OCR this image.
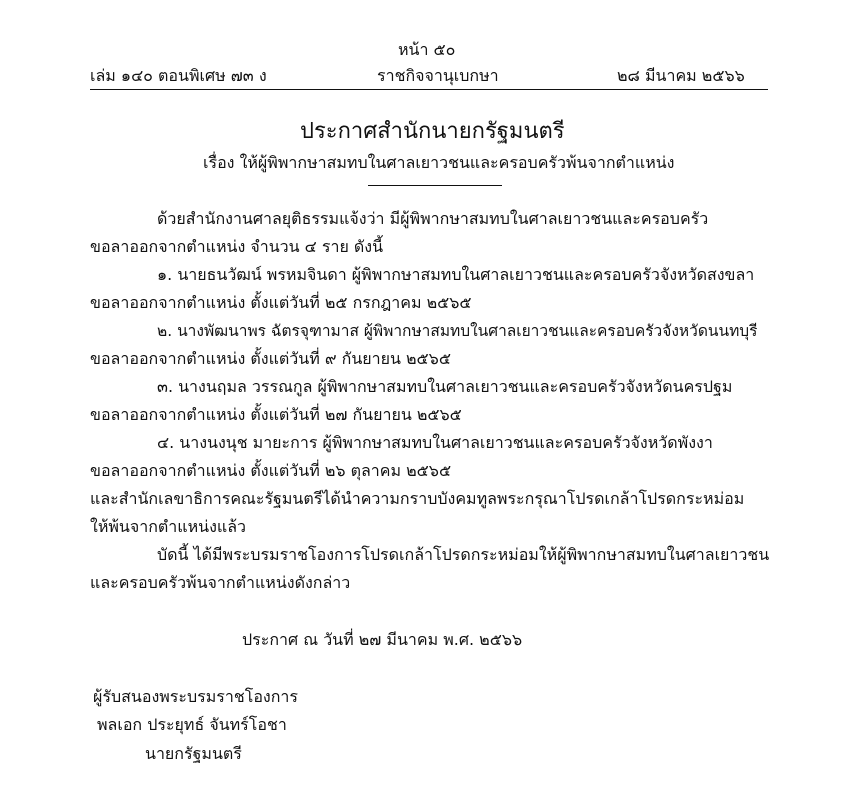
หน้า ๕๐
เล่ม ๑๔๐ ตอนพิเศษ ๗๓ ง	ราชกิจจานุเบกษา	๒๘ มีนาคม ๒๕๖๖
ประกาศสำนักนายกรัฐมนตรี
เรื่อง ให้ผู้พิพากษาสมทบในศาลเยาวชนและครอบครัวพ้นจากตำแหน่ง
ด้วยสำนักงานศาลยุติธรรมแจ้งว่า มีผู้พิพากษาสมทบในศาลเยาวชนและครอบครัว
ขอลาออกจากตำแหน่ง จำนวน ๔ ราย ดังนี้
๑. นายธนวัฒน์ พรหมจินดา ผู้พิพากษาสมทบในศาลเยาวชนและครอบครัวจังหวัดสงขลา
ขอลาออกจากตำแหน่ง ตั้งแต่วันที่ ๒๕ กรกฎาคม ๒๕๖๕
๒. นางพัฒนาพร ฉัตรจุฑามาส ผู้พิพากษาสมทบในศาลเยาวชนและครอบครัวจังหวัดนนทบุรี
ขอลาออกจากตำแหน่ง ตั้งแต่วันที่ ๙ กันยายน ๒๕๖๕
๓. นางนฤมล วรรณกูล ผู้พิพากษาสมทบในศาลเยาวชนและครอบครัวจังหวัดนครปฐม
ขอลาออกจากตำแหน่ง ตั้งแต่วันที่ ๒๗ กันยายน ๒๕๖๕
๔. นางนงนุช มายะการ ผู้พิพากษาสมทบในศาลเยาวชนและครอบครัวจังหวัดพังงา
ขอลาออกจากตำแหน่ง ตั้งแต่วันที่ ๒๖ ตุลาคม ๒๕๖๕
และสำนักเลขาธิการคณะรัฐมนตรีได้นำความกราบบังคมทูลพระกรุณาโปรดเกล้าโปรดกระหม่อม
ให้พ้นจากตำแหน่งแล้ว
บัดนี้ ได้มีพระบรมราชโองการโปรดเกล้าโปรดกระหม่อมให้ผู้พิพากษาสมทบในศาลเยาวชน
และครอบครัวพ้นจากตำแหน่งดังกล่าว
ประกาศ ณ วันที่ ๒๗ มีนาคม พ.ศ. ๒๕๖๖
ผู้รับสนองพระบรมราชโองการ
พลเอก ประยุทธ์ จันทร์โอชา
นายกรัฐมนตรี
